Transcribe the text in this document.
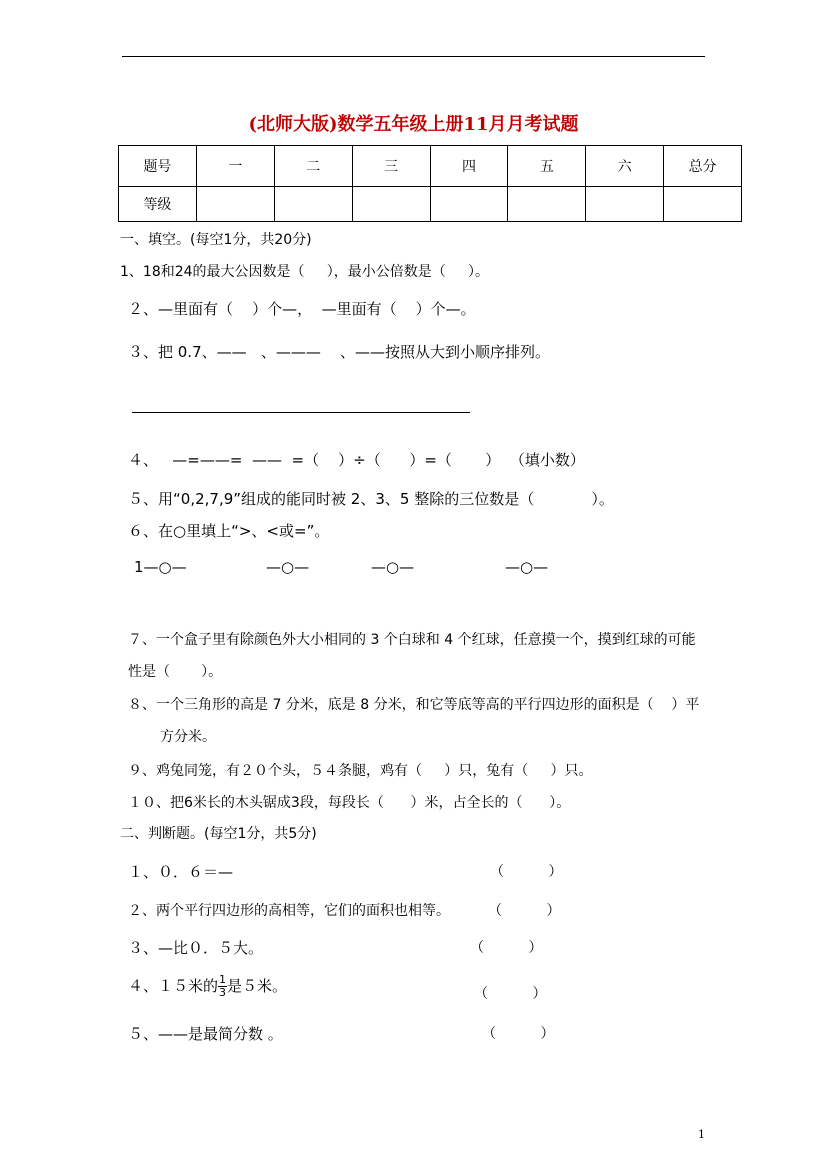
(北师大版)数学五年级上册11月月考试题
题号	一	二	三	四	五	六	总分
等级							
一、填空。(每空1分，共20分)
1、18和24的最大公因数是（     ），最小公倍数是（     ）。
２、—里面有（    ）个—，  —里面有（    ）个—。
３、把 0.7、——   、———    、——按照从大到小顺序排列。
４、   —=——=  ——  =（    ）÷（      ）=（       ）  （填小数）
５、用“0,2,7,9”组成的能同时被 2、3、5 整除的三位数是（            ）。
６、在○里填上“>、<或=”。
1—○—	—○—	—○—	—○—
７、一个盒子里有除颜色外大小相同的 3 个白球和 4 个红球，任意摸一个，摸到红球的可能
性是（       ）。
８、一个三角形的高是 7 分米，底是 8 分米，和它等底等高的平行四边形的面积是（    ）平
方分米。
９、鸡兔同笼，有２０个头，５４条腿，鸡有（     ）只，兔有（     ）只。
１０、把6米长的木头锯成3段，每段长（      ）米，占全长的（      ）。
二、判断题。(每空1分，共5分)
１、０．６＝—	（          ）
２、两个平行四边形的高相等，它们的面积也相等。	（          ）
３、—比０．５大。	（          ）
４、１５米的 $\frac{1}{3}$ 是５米。	（          ）
５、——是最简分数 。	（          ）
1
